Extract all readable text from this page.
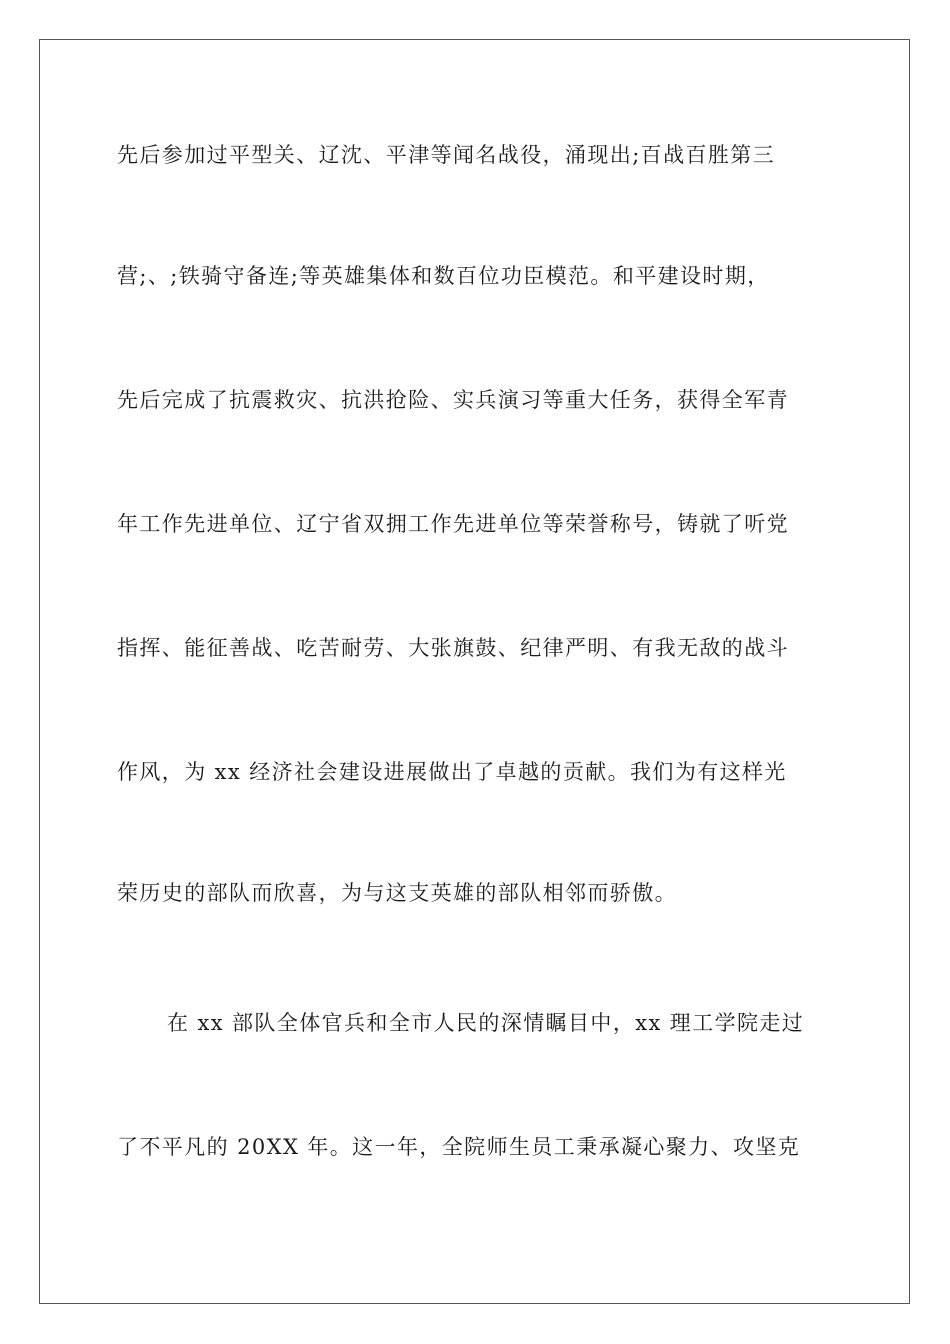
先后参加过平型关、辽沈、平津等闻名战役，涌现出;百战百胜第三
营;、;铁骑守备连;等英雄集体和数百位功臣模范。和平建设时期，
先后完成了抗震救灾、抗洪抢险、实兵演习等重大任务，获得全军青
年工作先进单位、辽宁省双拥工作先进单位等荣誉称号，铸就了听党
指挥、能征善战、吃苦耐劳、大张旗鼓、纪律严明、有我无敌的战斗
作风，为 xx 经济社会建设进展做出了卓越的贡献。我们为有这样光
荣历史的部队而欣喜，为与这支英雄的部队相邻而骄傲。
在 xx 部队全体官兵和全市人民的深情瞩目中，xx 理工学院走过
了不平凡的 20XX 年。这一年，全院师生员工秉承凝心聚力、攻坚克
